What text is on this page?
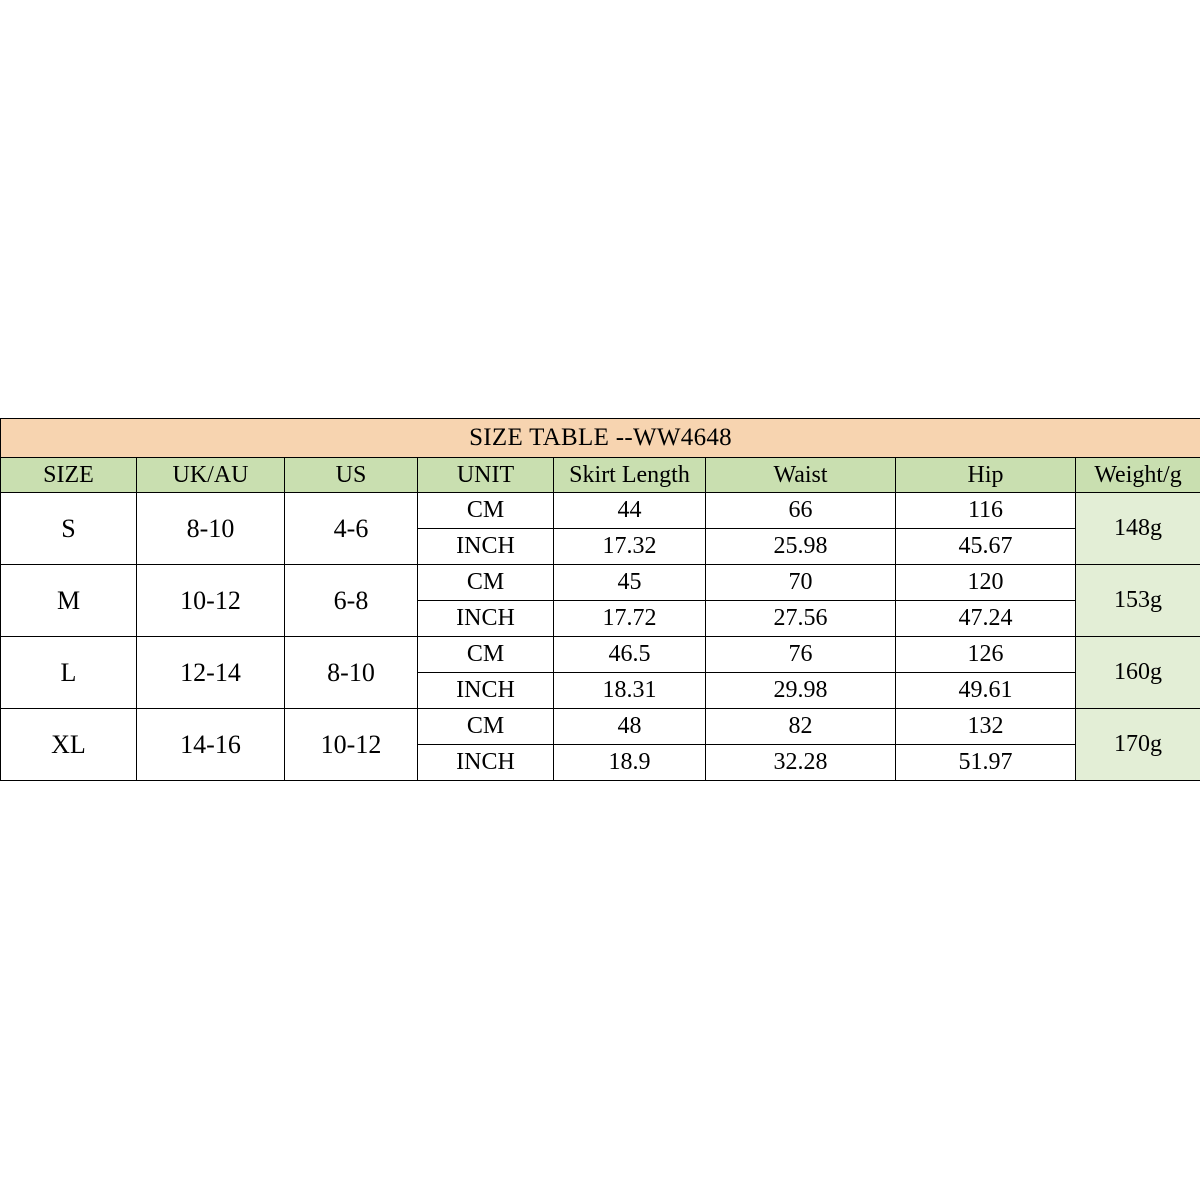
SIZE TABLE --WW4648							
SIZE	UK/AU	US	UNIT	Skirt Length	Waist	Hip	Weight/g
S	8-10	4-6	CM	44	66	116	148g
			INCH	17.32	25.98	45.67	
M	10-12	6-8	CM	45	70	120	153g
			INCH	17.72	27.56	47.24	
L	12-14	8-10	CM	46.5	76	126	160g
			INCH	18.31	29.98	49.61	
XL	14-16	10-12	CM	48	82	132	170g
			INCH	18.9	32.28	51.97	
